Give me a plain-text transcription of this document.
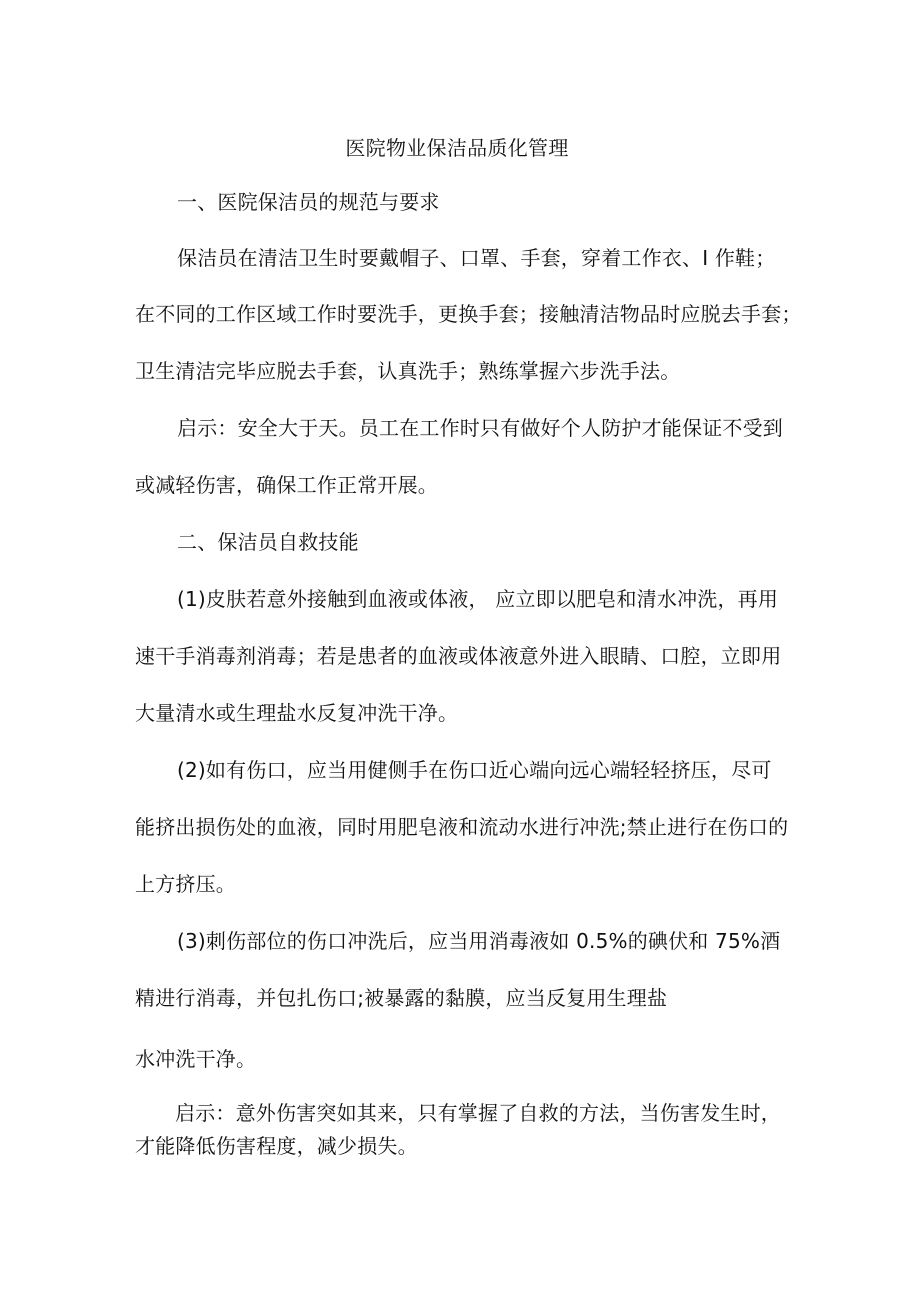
医院物业保洁品质化管理
一、医院保洁员的规范与要求
保洁员在清洁卫生时要戴帽子、口罩、手套，穿着工作衣、I 作鞋；
在不同的工作区域工作时要洗手，更换手套；接触清洁物品时应脱去手套；
卫生清洁完毕应脱去手套，认真洗手；熟练掌握六步洗手法。
启示：安全大于天。员工在工作时只有做好个人防护才能保证不受到
或减轻伤害，确保工作正常开展。
二、保洁员自救技能
(1)皮肤若意外接触到血液或体液， 应立即以肥皂和清水冲洗，再用
速干手消毒剂消毒；若是患者的血液或体液意外进入眼睛、口腔，立即用
大量清水或生理盐水反复冲洗干净。
(2)如有伤口，应当用健侧手在伤口近心端向远心端轻轻挤压，尽可
能挤出损伤处的血液，同时用肥皂液和流动水进行冲洗;禁止进行在伤口的
上方挤压。
(3)刺伤部位的伤口冲洗后，应当用消毒液如 0.5%的碘伏和 75%酒
精进行消毒，并包扎伤口;被暴露的黏膜，应当反复用生理盐
水冲洗干净。
启示：意外伤害突如其来，只有掌握了自救的方法，当伤害发生时，
才能降低伤害程度，减少损失。
